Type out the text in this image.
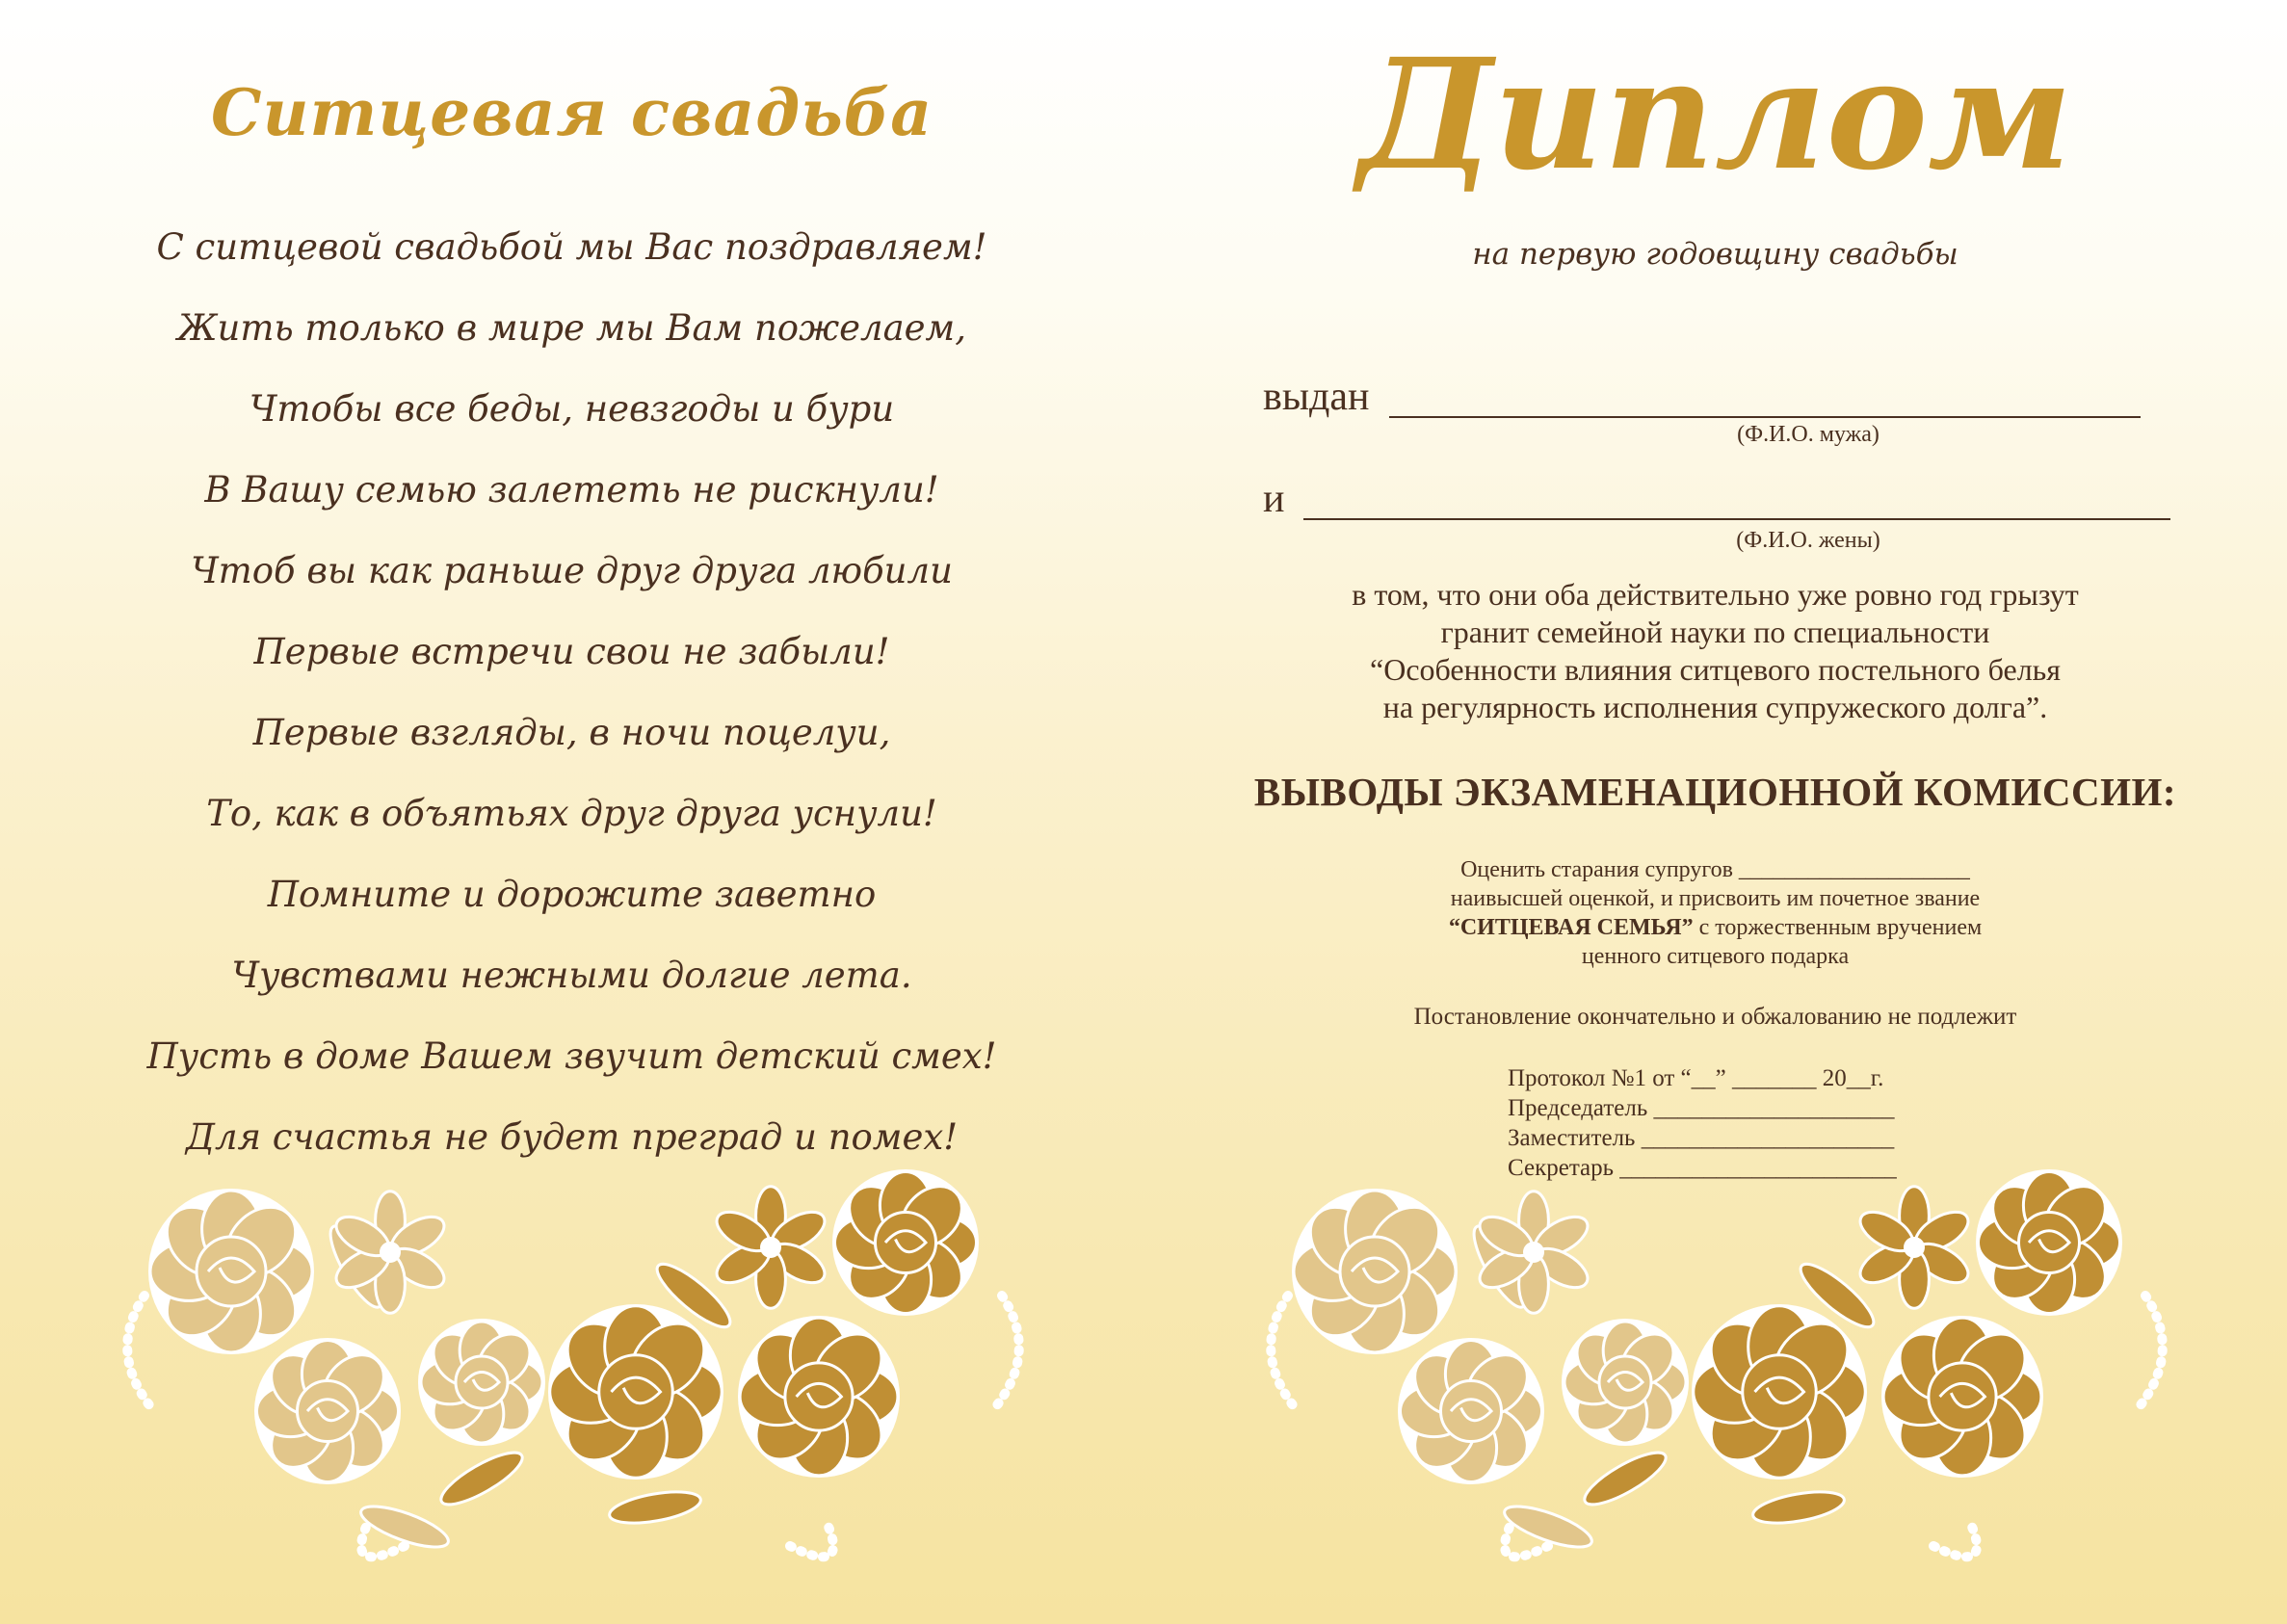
Ситцевая свадьба
С ситцевой свадьбой мы Вас поздравляем!
Жить только в мире мы Вам пожелаем,
Чтобы все беды, невзгоды и бури
В Вашу семью залететь не рискнули!
Чтоб вы как раньше друг друга любили
Первые встречи свои не забыли!
Первые взгляды, в ночи поцелуи,
То, как в объятьях друг друга уснули!
Помните и дорожите заветно
Чувствами нежными долгие лета.
Пусть в доме Вашем звучит детский смех!
Для счастья не будет преград и помех!
Диплом
на первую годовщину свадьбы
выдан
(Ф.И.О. мужа)
и
(Ф.И.О. жены)
в том, что они оба действительно уже ровно год грызут
гранит семейной науки по специальности
“Особенности влияния ситцевого постельного белья
на регулярность исполнения супружеского долга”.
ВЫВОДЫ ЭКЗАМЕНАЦИОННОЙ КОМИССИИ:
Оценить старания супругов ____________________
наивысшей оценкой, и присвоить им почетное звание
“СИТЦЕВАЯ СЕМЬЯ” с торжественным вручением
ценного ситцевого подарка
Постановление окончательно и обжалованию не подлежит
Протокол №1 от “__” _______ 20__г.
Председатель ____________________
Заместитель _____________________
Секретарь _______________________
